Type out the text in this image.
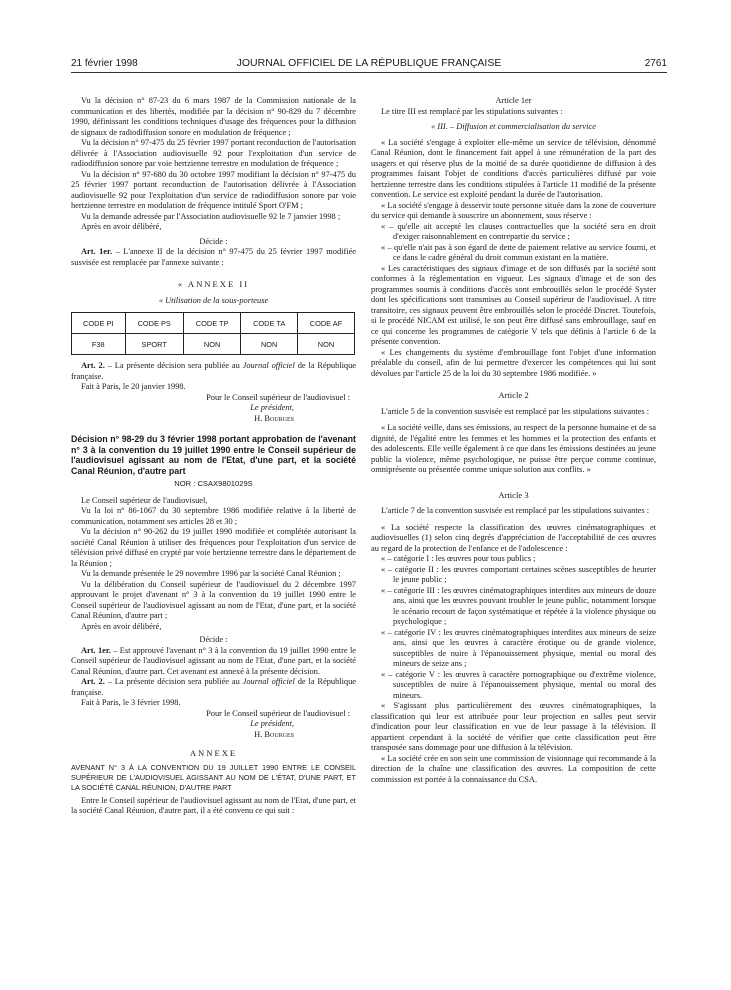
21 février 1998	JOURNAL OFFICIEL DE LA RÉPUBLIQUE FRANÇAISE	2761

Vu la décision n° 87-23 du 6 mars 1987 de la Commission nationale de la communication et des libertés, modifiée par la décision n° 90-829 du 7 décembre 1990, définissant les conditions techniques d'usage des fréquences pour la diffusion de signaux de radiodiffusion sonore en modulation de fréquence ;

Vu la décision n° 97-475 du 25 février 1997 portant reconduction de l'autorisation délivrée à l'Association audiovisuelle 92 pour l'exploitation d'un service de radiodiffusion sonore par voie hertzienne terrestre en modulation de fréquence ;

Vu la décision n° 97-680 du 30 octobre 1997 modifiant la décision n° 97-475 du 25 février 1997 portant reconduction de l'autorisation délivrée à l'Association audiovisuelle 92 pour l'exploitation d'un service de radiodiffusion sonore par voie hertzienne terrestre en modulation de fréquence intitulé Sport O'FM ;

Vu la demande adressée par l'Association audiovisuelle 92 le 7 janvier 1998 ;

Après en avoir délibéré,

Décide :

Art. 1er. – L'annexe II de la décision n° 97-475 du 25 février 1997 modifiée susvisée est remplacée par l'annexe suivante :

« ANNEXE II

« Utilisation de la sous-porteuse

CODE PI	CODE PS	CODE TP	CODE TA	CODE AF
F38	SPORT	NON	NON	NON

Art. 2. – La présente décision sera publiée au Journal officiel de la République française.

Fait à Paris, le 20 janvier 1998.

Pour le Conseil supérieur de l'audiovisuel :

Le président,

H. Bourges

Décision n° 98-29 du 3 février 1998 portant approbation de l'avenant n° 3 à la convention du 19 juillet 1990 entre le Conseil supérieur de l'audiovisuel agissant au nom de l'Etat, d'une part, et la société Canal Réunion, d'autre part

NOR : CSAX9801029S

Le Conseil supérieur de l'audiovisuel,

Vu la loi n° 86-1067 du 30 septembre 1986 modifiée relative à la liberté de communication, notamment ses articles 28 et 30 ;

Vu la décision n° 90-262 du 19 juillet 1990 modifiée et complétée autorisant la société Canal Réunion à utiliser des fréquences pour l'exploitation d'un service de télévision privé diffusé en crypté par voie hertzienne terrestre dans le département de la Réunion ;

Vu la demande présentée le 29 novembre 1996 par la société Canal Réunion ;

Vu la délibération du Conseil supérieur de l'audiovisuel du 2 décembre 1997 approuvant le projet d'avenant n° 3 à la convention du 19 juillet 1990 entre le Conseil supérieur de l'audiovisuel agissant au nom de l'Etat, d'une part, et la société Canal Réunion, d'autre part ;

Après en avoir délibéré,

Décide :

Art. 1er. – Est approuvé l'avenant n° 3 à la convention du 19 juillet 1990 entre le Conseil supérieur de l'audiovisuel agissant au nom de l'Etat, d'une part, et la société Canal Réunion, d'autre part. Cet avenant est annexé à la présente décision.

Art. 2. – La présente décision sera publiée au Journal officiel de la République française.

Fait à Paris, le 3 février 1998.

Pour le Conseil supérieur de l'audiovisuel :

Le président,

H. Bourges

ANNEXE

AVENANT N° 3 À LA CONVENTION DU 19 JUILLET 1990 ENTRE LE CONSEIL SUPÉRIEUR DE L'AUDIOVISUEL AGISSANT AU NOM DE L'ÉTAT, D'UNE PART, ET LA SOCIÉTÉ CANAL RÉUNION, D'AUTRE PART

Entre le Conseil supérieur de l'audiovisuel agissant au nom de l'Etat, d'une part, et la société Canal Réunion, d'autre part, il a été convenu ce qui suit :

Article 1er

Le titre III est remplacé par les stipulations suivantes :

« III. – Diffusion et commercialisation du service

« La société s'engage à exploiter elle-même un service de télévision, dénommé Canal Réunion, dont le financement fait appel à une rémunération de la part des usagers et qui réserve plus de la moitié de sa durée quotidienne de diffusion à des programmes faisant l'objet de conditions d'accès particulières diffusé par voie hertzienne terrestre dans les conditions stipulées à l'article 11 modifié de la présente convention. Le service est exploité pendant la durée de l'autorisation.

« La société s'engage à desservir toute personne située dans la zone de couverture du service qui demande à souscrire un abonnement, sous réserve :

« – qu'elle ait accepté les clauses contractuelles que la société sera en droit d'exiger raisonnablement en contrepartie du service ;

« – qu'elle n'ait pas à son égard de dette de paiement relative au service fourni, et ce dans le cadre général du droit commun existant en la matière.

« Les caractéristiques des signaux d'image et de son diffusés par la société sont conformes à la réglementation en vigueur. Les signaux d'image et de son des programmes soumis à conditions d'accès sont embrouillés selon le procédé Syster dont les spécifications sont transmises au Conseil supérieur de l'audiovisuel. A titre transitoire, ces signaux peuvent être embrouillés selon le procédé Discret. Toutefois, si le procédé NICAM est utilisé, le son peut être diffusé sans embrouillage, sauf en ce qui concerne les programmes de catégorie V tels que définis à l'article 6 de la présente convention.

« Les changements du système d'embrouillage font l'objet d'une information préalable du conseil, afin de lui permettre d'exercer les compétences qui lui sont dévolues par l'article 25 de la loi du 30 septembre 1986 modifiée. »

Article 2

L'article 5 de la convention susvisée est remplacé par les stipulations suivantes :

« La société veille, dans ses émissions, au respect de la personne humaine et de sa dignité, de l'égalité entre les femmes et les hommes et la protection des enfants et des adolescents. Elle veille également à ce que dans les émissions destinées au jeune public la violence, même psychologique, ne puisse être perçue comme continue, omniprésente ou présentée comme unique solution aux conflits. »

Article 3

L'article 7 de la convention susvisée est remplacé par les stipulations suivantes :

« La société respecte la classification des œuvres cinématographiques et audiovisuelles (1) selon cinq degrés d'appréciation de l'acceptabilité de ces œuvres au regard de la protection de l'enfance et de l'adolescence :

« – catégorie I : les œuvres pour tous publics ;

« – catégorie II : les œuvres comportant certaines scènes susceptibles de heurter le jeune public ;

« – catégorie III : les œuvres cinématographiques interdites aux mineurs de douze ans, ainsi que les œuvres pouvant troubler le jeune public, notamment lorsque le scénario recourt de façon systématique et répétée à la violence physique ou psychologique ;

« – catégorie IV : les œuvres cinématographiques interdites aux mineurs de seize ans, ainsi que les œuvres à caractère érotique ou de grande violence, susceptibles de nuire à l'épanouissement physique, mental ou moral des mineurs de seize ans ;

« – catégorie V : les œuvres à caractère pornographique ou d'extrême violence, susceptibles de nuire à l'épanouissement physique, mental ou moral des mineurs.

« S'agissant plus particulièrement des œuvres cinématographiques, la classification qui leur est attribuée pour leur projection en salles peut servir d'indication pour leur classification en vue de leur passage à la télévision. Il appartient cependant à la société de vérifier que cette classification peut être transposée sans dommage pour une diffusion à la télévision.

« La société crée en son sein une commission de visionnage qui recommande à la direction de la chaîne une classification des œuvres. La composition de cette commission est portée à la connaissance du CSA.
